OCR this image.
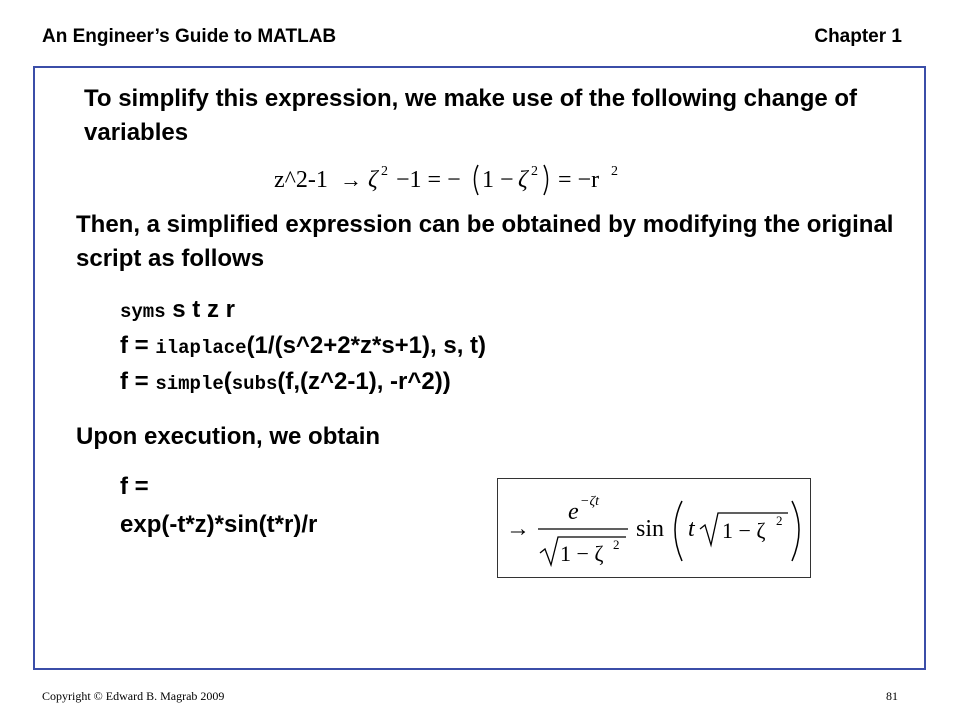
An Engineer’s Guide to MATLAB	Chapter 1
To simplify this expression, we make use of the following change of variables
z^2-1 → ζ 2 −1 = − 1 − ζ 2 = −r 2
Then, a simplified expression can be obtained by modifying the original script as follows
syms s t z r
f = ilaplace(1/(s^2+2*z*s+1), s, t)
f = simple(subs(f,(z^2-1), -r^2))
Upon execution, we obtain
f =
exp(-t*z)*sin(t*r)/r	→
e −ζt
1 − ζ 2
sin t 1 − ζ 2
Copyright © Edward B. Magrab 2009	81
